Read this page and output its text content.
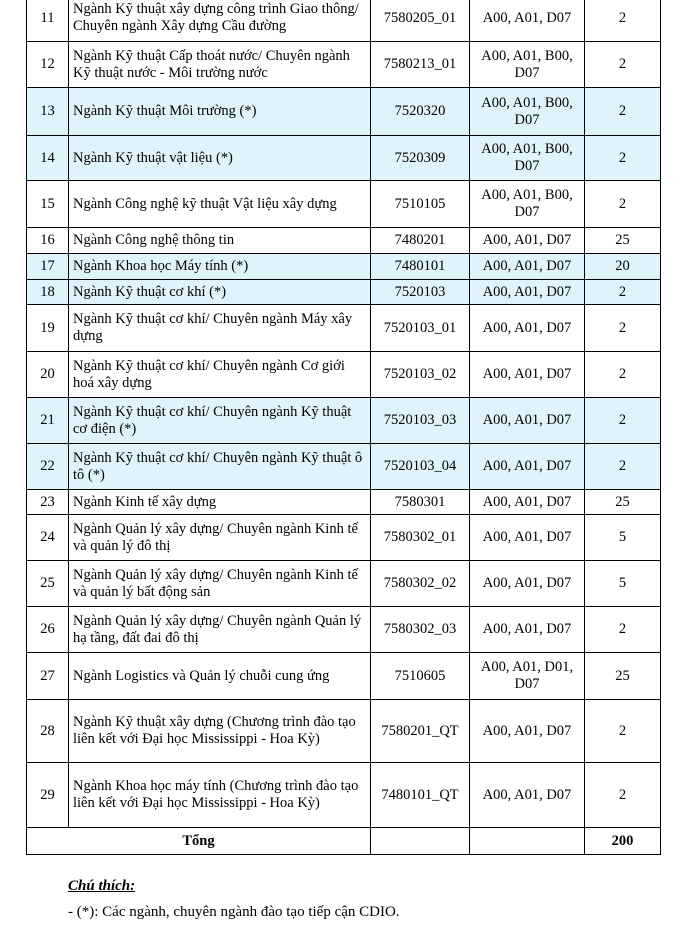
11	Ngành Kỹ thuật xây dựng công trình Giao thông/ Chuyên ngành Xây dựng Cầu đường	7580205_01	A00, A01, D07	2
12	Ngành Kỹ thuật Cấp thoát nước/ Chuyên ngành Kỹ thuật nước - Môi trường nước	7580213_01	A00, A01, B00, D07	2
13	Ngành Kỹ thuật Môi trường (*)	7520320	A00, A01, B00, D07	2
14	Ngành Kỹ thuật vật liệu (*)	7520309	A00, A01, B00, D07	2
15	Ngành Công nghệ kỹ thuật Vật liệu xây dựng	7510105	A00, A01, B00, D07	2
16	Ngành Công nghệ thông tin	7480201	A00, A01, D07	25
17	Ngành Khoa học Máy tính (*)	7480101	A00, A01, D07	20
18	Ngành Kỹ thuật cơ khí (*)	7520103	A00, A01, D07	2
19	Ngành Kỹ thuật cơ khí/ Chuyên ngành Máy xây dựng	7520103_01	A00, A01, D07	2
20	Ngành Kỹ thuật cơ khí/ Chuyên ngành Cơ giới hoá xây dựng	7520103_02	A00, A01, D07	2
21	Ngành Kỹ thuật cơ khí/ Chuyên ngành Kỹ thuật cơ điện (*)	7520103_03	A00, A01, D07	2
22	Ngành Kỹ thuật cơ khí/ Chuyên ngành Kỹ thuật ô tô (*)	7520103_04	A00, A01, D07	2
23	Ngành Kinh tế xây dựng	7580301	A00, A01, D07	25
24	Ngành Quản lý xây dựng/ Chuyên ngành Kinh tế và quản lý đô thị	7580302_01	A00, A01, D07	5
25	Ngành Quản lý xây dựng/ Chuyên ngành Kinh tế và quản lý bất động sản	7580302_02	A00, A01, D07	5
26	Ngành Quản lý xây dựng/ Chuyên ngành Quản lý hạ tầng, đất đai đô thị	7580302_03	A00, A01, D07	2
27	Ngành Logistics và Quản lý chuỗi cung ứng	7510605	A00, A01, D01, D07	25
28	Ngành Kỹ thuật xây dựng (Chương trình đào tạo liên kết với Đại học Mississippi - Hoa Kỳ)	7580201_QT	A00, A01, D07	2
29	Ngành Khoa học máy tính (Chương trình đào tạo liên kết với Đại học Mississippi - Hoa Kỳ)	7480101_QT	A00, A01, D07	2
Tổng				200
Chú thích:
- (*): Các ngành, chuyên ngành đào tạo tiếp cận CDIO.
